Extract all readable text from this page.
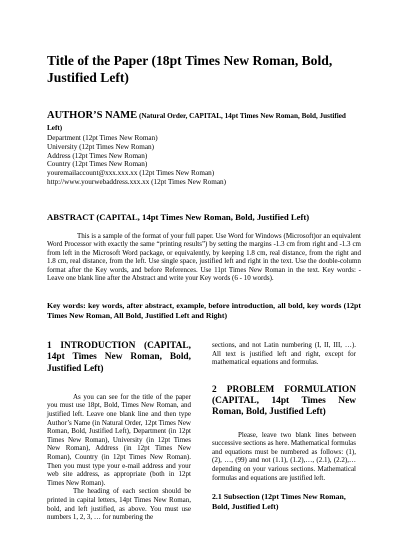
Title of the Paper (18pt Times New Roman, Bold, Justified Left)
AUTHOR’S NAME (Natural Order, CAPITAL, 14pt Times New Roman, Bold, Justified Left)
Department (12pt Times New Roman)
University (12pt Times New Roman)
Address (12pt Times New Roman)
Country (12pt Times New Roman)
youremailaccount@xxx.xxx.xx (12pt Times New Roman)
http://www.yourwebaddress.xxx.xx (12pt Times New Roman)
ABSTRACT (CAPITAL, 14pt Times New Roman, Bold, Justified Left)
This is a sample of the format of your full paper. Use Word for Windows (Microsoft)or an equivalent Word Processor with exactly the same “printing results”) by setting the margins -1.3 cm from right and -1.3 cm from left in the Microsoft Word package, or equivalently, by keeping 1.8 cm, real distance, from the right and 1.8 cm, real distance, from the left. Use single space, justified left and right in the text. Use the double-column format after the Key words, and before References. Use 11pt Times New Roman in the text. Key words: - Leave one blank line after the Abstract and write your Key words (6 - 10 words).
Key words: key words, after abstract, example, before introduction, all bold, key words (12pt Times New Roman, All Bold, Justified Left and Right)
1 INTRODUCTION (CAPITAL, 14pt Times New Roman, Bold, Justified Left)

As you can see for the title of the paper you must use 18pt, Bold, Times New Roman, and justified left. Leave one blank line and then type Author’s Name (in Natural Order, 12pt Times New Roman, Bold, Justified Left), Department (in 12pt Times New Roman), University (in 12pt Times New Roman), Address (in 12pt Times New Roman), Country (in 12pt Times New Roman). Then you must type your e-mail address and your web site address, as appropriate (both in 12pt Times New Roman).

The heading of each section should be printed in capital letters, 14pt Times New Roman, bold, and left justified, as above. You must use numbers 1, 2, 3, … for numbering the

sections, and not Latin numbering (I, II, III, …). All text is justified left and right, except for mathematical equations and formulas.

2 PROBLEM FORMULATION (CAPITAL, 14pt Times New Roman, Bold, Justified Left)

Please, leave two blank lines between successive sections as here. Mathematical formulas and equations must be numbered as follows: (1), (2), …, (99) and not (1.1), (1.2),…, (2.1), (2.2),… depending on your various sections. Mathematical formulas and equations are justified left.

2.1 Subsection (12pt Times New Roman, Bold, Justified Left)
